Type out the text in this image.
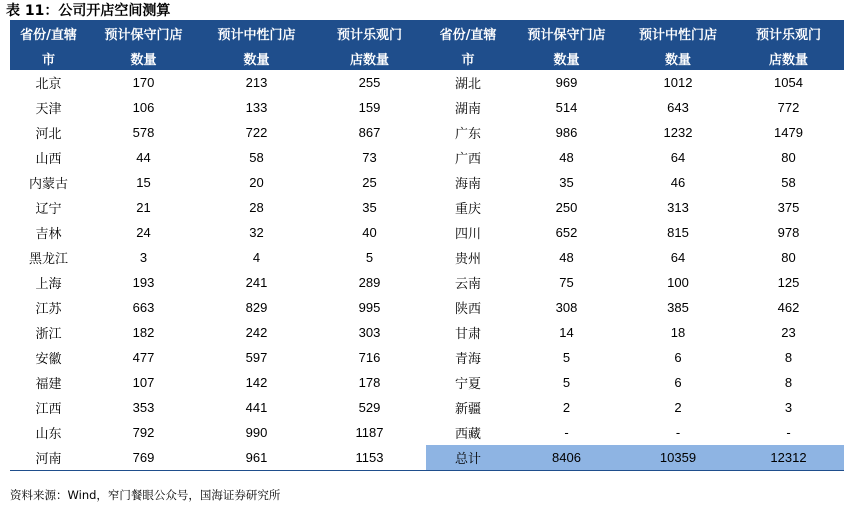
表 11：公司开店空间测算
省份/直辖	预计保守门店	预计中性门店	预计乐观门	省份/直辖	预计保守门店	预计中性门店	预计乐观门
市	数量	数量	店数量	市	数量	数量	店数量
北京	170	213	255	湖北	969	1012	1054
天津	106	133	159	湖南	514	643	772
河北	578	722	867	广东	986	1232	1479
山西	44	58	73	广西	48	64	80
内蒙古	15	20	25	海南	35	46	58
辽宁	21	28	35	重庆	250	313	375
吉林	24	32	40	四川	652	815	978
黑龙江	3	4	5	贵州	48	64	80
上海	193	241	289	云南	75	100	125
江苏	663	829	995	陕西	308	385	462
浙江	182	242	303	甘肃	14	18	23
安徽	477	597	716	青海	5	6	8
福建	107	142	178	宁夏	5	6	8
江西	353	441	529	新疆	2	2	3
山东	792	990	1187	西藏	-	-	-
河南	769	961	1153	总计	8406	10359	12312
资料来源：Wind，窄门餐眼公众号，国海证券研究所
